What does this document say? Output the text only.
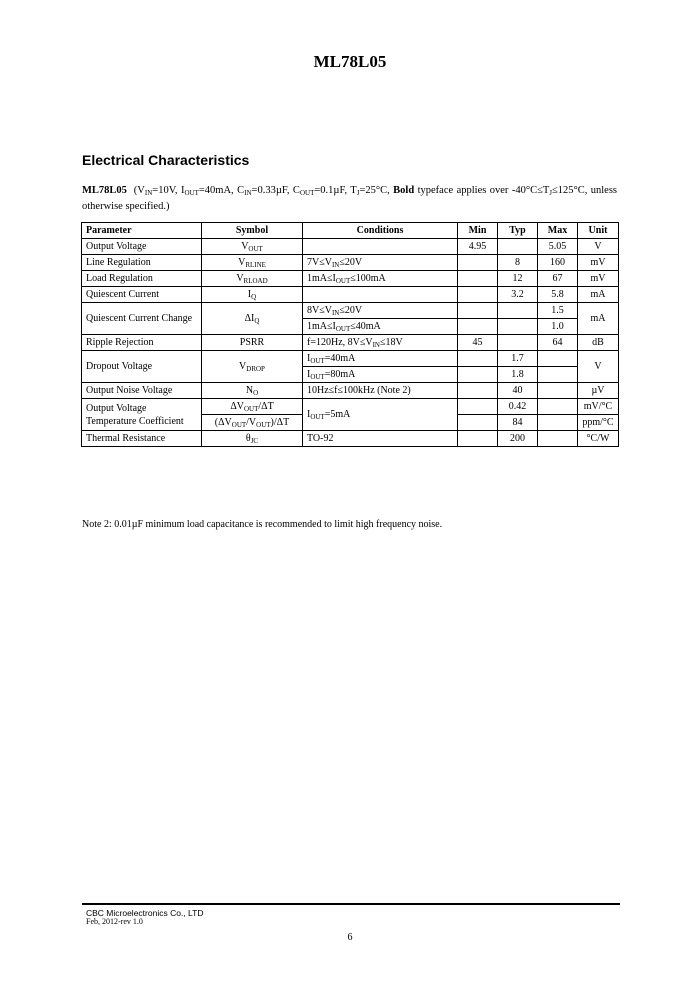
ML78L05
Electrical Characteristics
ML78L05 ($V_{IN}=10V$, $I_{OUT}=40mA$, $C_{IN}=0.33\mu F$, $C_{OUT}=0.1\mu F$, $T_J=25^\circ C$, Bold typeface applies over $-40^\circ C\le T_J\le 125^\circ C$, unless otherwise specified.)
Parameter	Symbol	Conditions	Min	Typ	Max	Unit
Output Voltage	$V_{OUT}$		4.95		5.05	V
Line Regulation	$V_{RLINE}$	$7V\le V_{IN}\le 20V$		8	160	mV
Load Regulation	$V_{RLOAD}$	$1mA\le I_{OUT}\le 100mA$		12	67	mV
Quiescent Current	$I_Q$			3.2	5.8	mA
Quiescent Current Change	$\Delta I_Q$	$8V\le V_{IN}\le 20V$			1.5	mA
		$1mA\le I_{OUT}\le 40mA$			1.0	
Ripple Rejection	PSRR	f=120Hz, $8V\le V_{IN}\le 18V$	45		64	dB
Dropout Voltage	$V_{DROP}$	$I_{OUT}=40mA$		1.7		V
		$I_{OUT}=80mA$		1.8		
Output Noise Voltage	$N_O$	10Hz≤f≤100kHz (Note 2)		40		µV
Output Voltage
Temperature Coefficient	$\Delta V_{OUT}/\Delta T$	$I_{OUT}=5mA$		0.42		mV/°C
	$(\Delta V_{OUT}/V_{OUT})/\Delta T$			84		ppm/°C
Thermal Resistance	$\theta_{JC}$	TO-92		200		°C/W
Note 2: 0.01µF minimum load capacitance is recommended to limit high frequency noise.
CBC Microelectronics Co., LTD
Feb, 2012-rev 1.0
6
